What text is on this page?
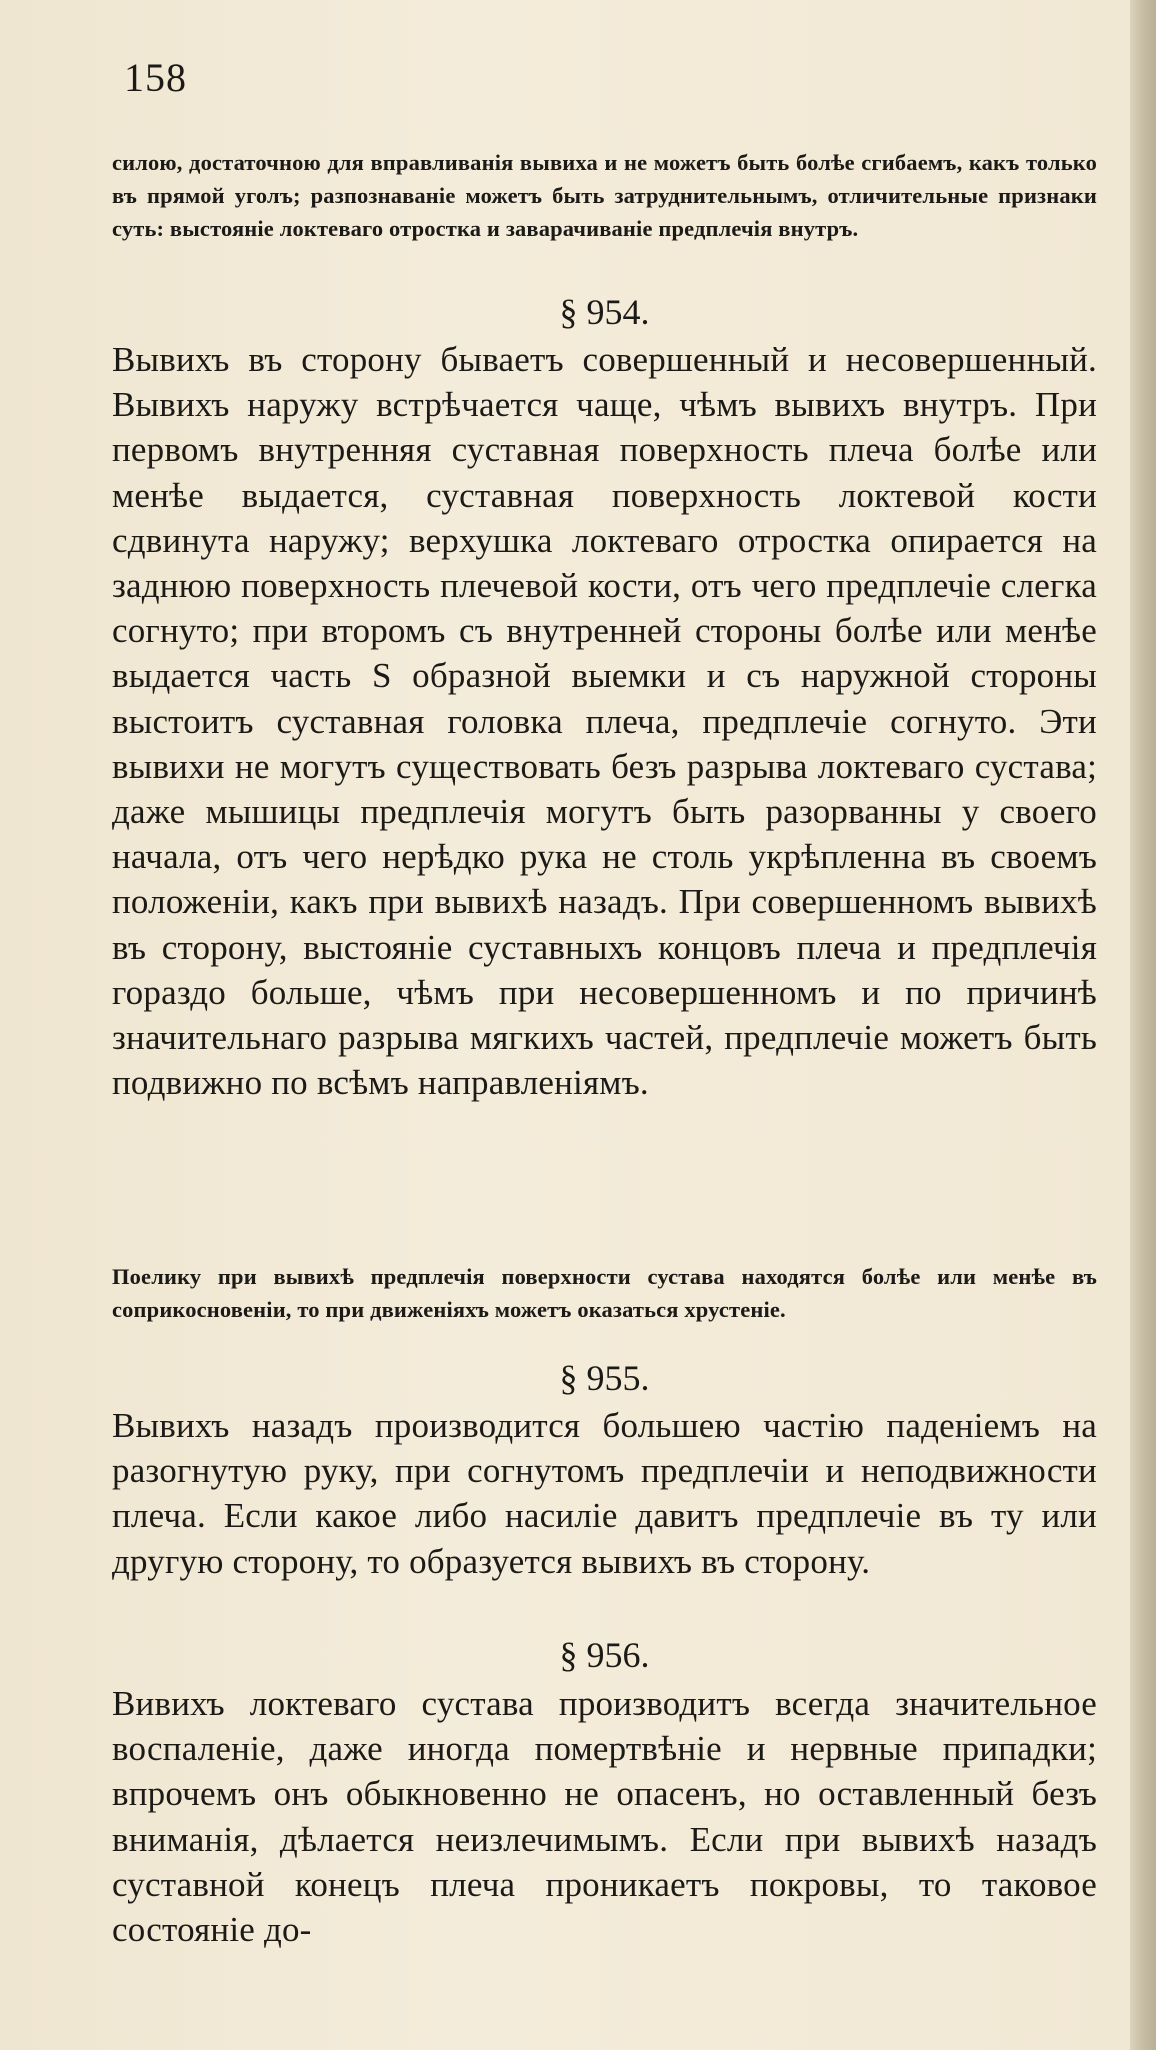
158

силою, достаточною для вправливанія вывиха и не можетъ быть болѣе сгибаемъ, какъ только въ прямой уголъ; разпознаваніе можетъ быть затруднительнымъ, отличительные признаки суть: выстояніе локтеваго отростка и заварачиваніе предплечія внутръ.

§ 954.

Вывихъ въ сторону бываетъ совершенный и несовершенный. Вывихъ наружу встрѣчается чаще, чѣмъ вывихъ внутръ. При первомъ внутренняя суставная поверхность плеча болѣе или менѣе выдается, суставная поверхность локтевой кости сдвинута наружу; верхушка локтеваго отростка опирается на заднюю поверхность плечевой кости, отъ чего предплечіе слегка согнуто; при второмъ съ внутренней стороны болѣе или менѣе выдается часть S образной выемки и съ наружной стороны выстоитъ суставная головка плеча, предплечіе согнуто. Эти вывихи не могутъ существовать безъ разрыва локтеваго сустава; даже мышицы предплечія могутъ быть разорванны у своего начала, отъ чего нерѣдко рука не столь укрѣпленна въ своемъ положеніи, какъ при вывихѣ назадъ. При совершенномъ вывихѣ въ сторону, выстояніе суставныхъ концовъ плеча и предплечія гораздо больше, чѣмъ при несовершенномъ и по причинѣ значительнаго разрыва мягкихъ частей, предплечіе можетъ быть подвижно по всѣмъ направленіямъ.

Поелику при вывихѣ предплечія поверхности сустава находятся болѣе или менѣе въ соприкосновеніи, то при движеніяхъ можетъ оказаться хрустеніе.

§ 955.

Вывихъ назадъ производится большею частію паденіемъ на разогнутую руку, при согнутомъ предплечіи и неподвижности плеча. Если какое либо насиліе давитъ предплечіе въ ту или другую сторону, то образуется вывихъ въ сторону.

§ 956.

Вивихъ локтеваго сустава производитъ всегда значительное воспаленіе, даже иногда помертвѣніе и нервные припадки; впрочемъ онъ обыкновенно не опасенъ, но оставленный безъ вниманія, дѣлается неизлечимымъ. Если при вывихѣ назадъ суставной конецъ плеча проникаетъ покровы, то таковое состояніе до-
